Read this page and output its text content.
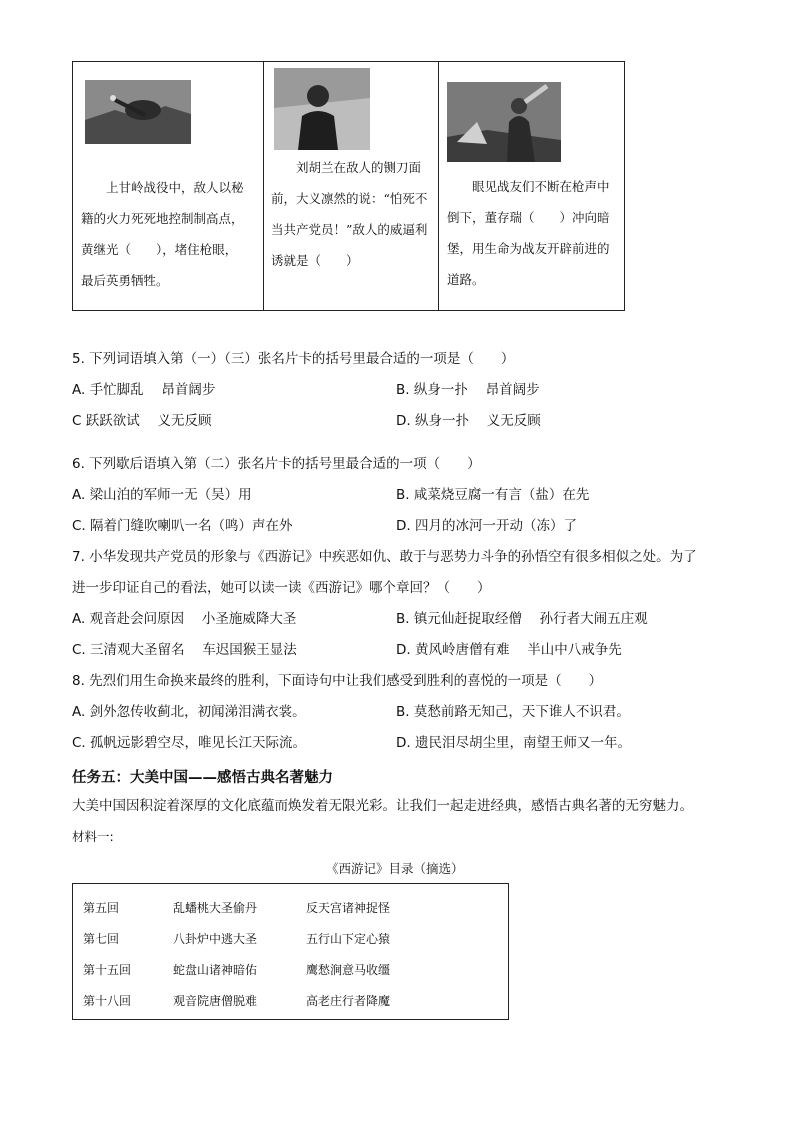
上甘岭战役中，敌人以秘籍的火力死死地控制制高点，黄继光（　　），堵住枪眼，最后英勇牺牲。
刘胡兰在敌人的铡刀面前，大义凛然的说：“怕死不当共产党员！”敌人的威逼利诱就是（　　）
眼见战友们不断在枪声中倒下，董存瑞（　　）冲向暗堡，用生命为战友开辟前进的道路。
5. 下列词语填入第（一）（三）张名片卡的括号里最合适的一项是（　　）
A. 手忙脚乱　 昂首阔步	B. 纵身一扑　 昂首阔步
C 跃跃欲试　 义无反顾	D. 纵身一扑　 义无反顾
6. 下列歇后语填入第（二）张名片卡的括号里最合适的一项（　　）
A. 梁山泊的军师一无（吴）用	B. 咸菜烧豆腐一有言（盐）在先
C. 隔着门缝吹喇叭一名（鸣）声在外	D. 四月的冰河一开动（冻）了
7. 小华发现共产党员的形象与《西游记》中疾恶如仇、敢于与恶势力斗争的孙悟空有很多相似之处。为了
进一步印证自己的看法，她可以读一读《西游记》哪个章回？（　　）
A. 观音赴会问原因　 小圣施威降大圣	B. 镇元仙赶捉取经僧　 孙行者大闹五庄观
C. 三清观大圣留名　 车迟国猴王显法	D. 黄风岭唐僧有难　 半山中八戒争先
8. 先烈们用生命换来最终的胜利，下面诗句中让我们感受到胜利的喜悦的一项是（　　）
A. 剑外忽传收蓟北，初闻涕泪满衣裳。	B. 莫愁前路无知己，天下谁人不识君。
C. 孤帆远影碧空尽，唯见长江天际流。	D. 遗民泪尽胡尘里，南望王师又一年。
任务五：大美中国——感悟古典名著魅力
大美中国因积淀着深厚的文化底蕴而焕发着无限光彩。让我们一起走进经典，感悟古典名著的无穷魅力。
材料一:
《西游记》目录（摘选）
第五回	乱蟠桃大圣偷丹	反天宫诸神捉怪
第七回	八卦炉中逃大圣	五行山下定心猿
第十五回	蛇盘山诸神暗佑	鹰愁涧意马收缰
第十八回	观音院唐僧脱难	高老庄行者降魔
